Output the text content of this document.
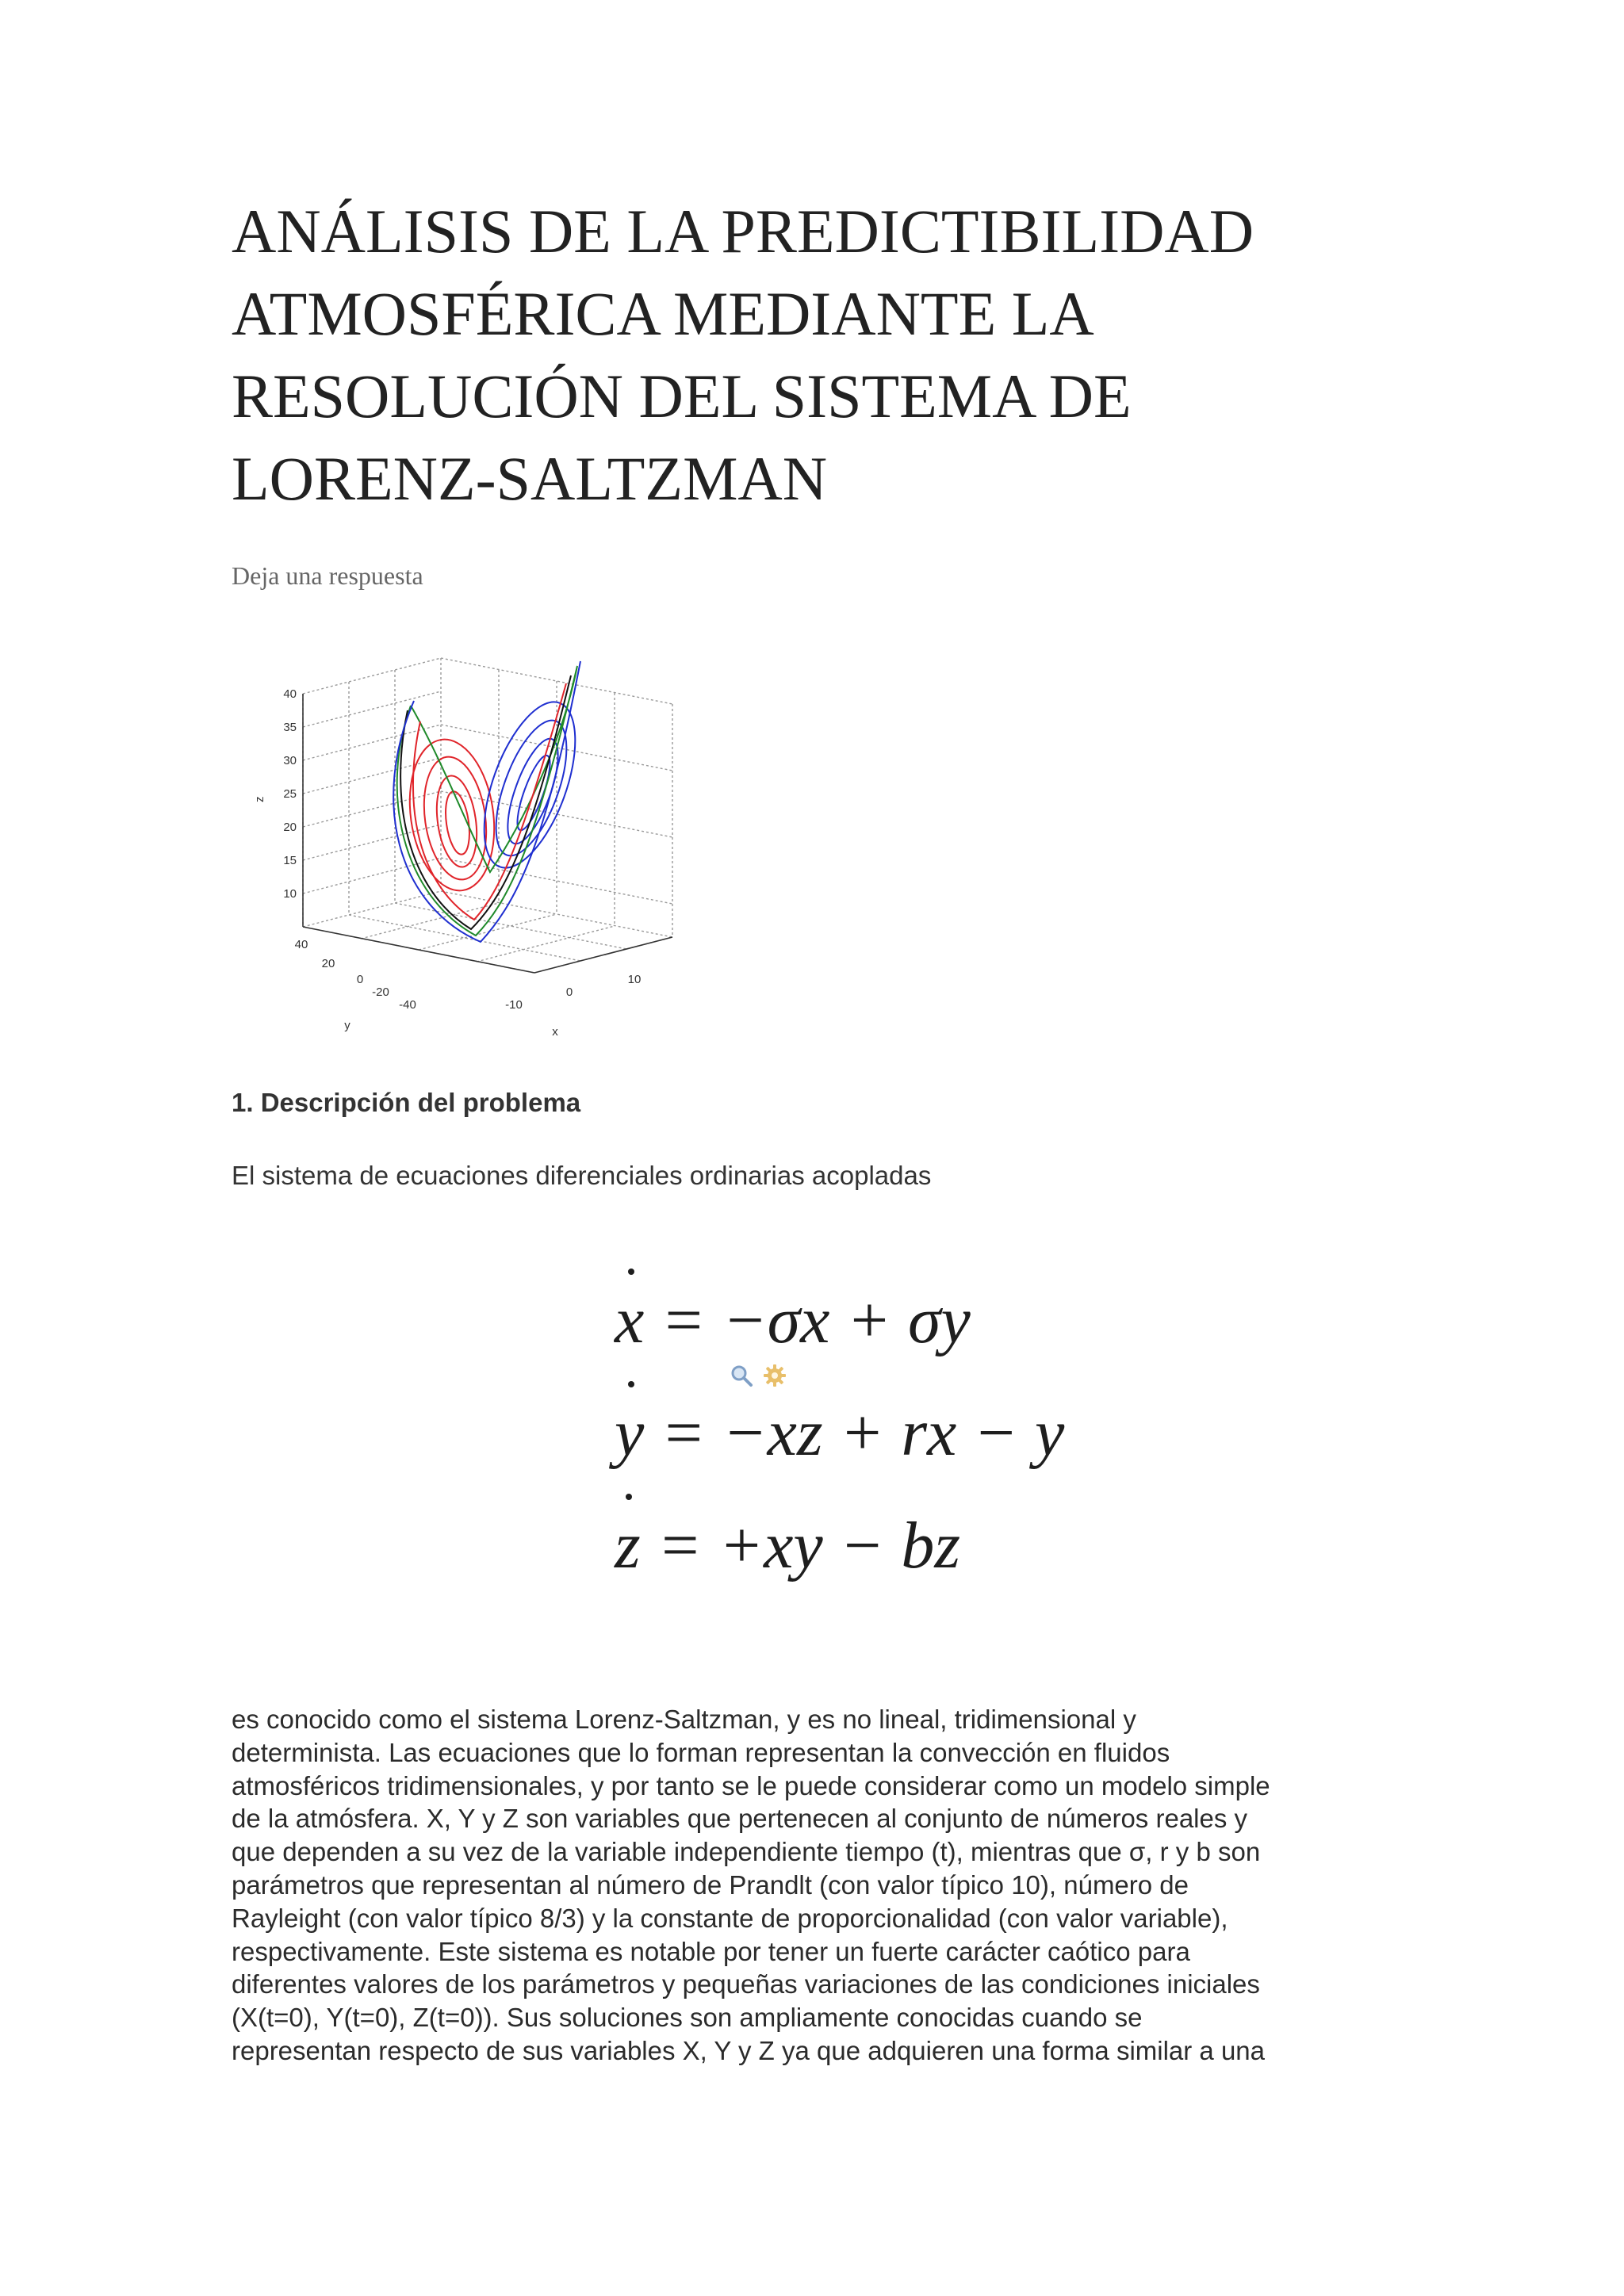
ANÁLISIS DE LA PREDICTIBILIDAD
ATMOSFÉRICA MEDIANTE LA
RESOLUCIÓN DEL SISTEMA DE
LORENZ-SALTZMAN
Deja una respuesta
z
40
35
30
25
20
15
10
40
20
0
-20
-40
y
-10
0
10
x
1. Descripción del problema

El sistema de ecuaciones diferenciales ordinarias acopladas

x = −σx + σy
y = −xz + rx − y
z = +xy − bz

es conocido como el sistema Lorenz-Saltzman, y es no lineal, tridimensional y
determinista. Las ecuaciones que lo forman representan la convección en fluidos
atmosféricos tridimensionales, y por tanto se le puede considerar como un modelo simple
de la atmósfera. X, Y y Z son variables que pertenecen al conjunto de números reales y
que dependen a su vez de la variable independiente tiempo (t), mientras que σ, r y b son
parámetros que representan al número de Prandlt (con valor típico 10), número de
Rayleight (con valor típico 8/3) y la constante de proporcionalidad (con valor variable),
respectivamente. Este sistema es notable por tener un fuerte carácter caótico para
diferentes valores de los parámetros y pequeñas variaciones de las condiciones iniciales
(X(t=0), Y(t=0), Z(t=0)). Sus soluciones son ampliamente conocidas cuando se
representan respecto de sus variables X, Y y Z ya que adquieren una forma similar a una
